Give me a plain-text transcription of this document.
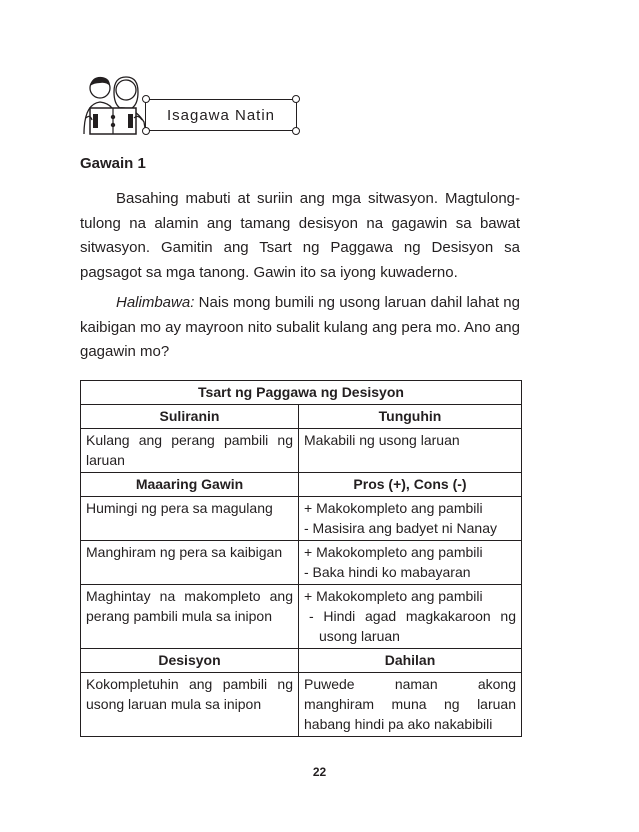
Isagawa Natin
Gawain 1

Basahing mabuti at suriin ang mga sitwasyon. Magtulong-tulong na alamin ang tamang desisyon na gagawin sa bawat sitwasyon. Gamitin ang Tsart ng Paggawa ng Desisyon sa pagsagot sa mga tanong. Gawin ito sa iyong kuwaderno.

Halimbawa: Nais mong bumili ng usong laruan dahil lahat ng kaibigan mo ay mayroon nito subalit kulang ang pera mo. Ano ang gagawin mo?

Tsart ng Paggawa ng Desisyon	
Suliranin	Tunguhin
Kulang ang perang pambili ng laruan	Makabili ng usong laruan
Maaaring Gawin	Pros (+), Cons (-)
Humingi ng pera sa magulang	+ Makokompleto ang pambili
- Masisira ang badyet ni Nanay

Manghiram ng pera sa kaibigan	+ Makokompleto ang pambili
- Baka hindi ko mabayaran

Maghintay na makompleto ang perang pambili mula sa inipon	+ Makokompleto ang pambili
- Hindi agad magkakaroon ng usong laruan

Desisyon	Dahilan
Kokompletuhin ang pambili ng usong laruan mula sa inipon	Puwede naman akong manghiram muna ng laruan habang hindi pa ako nakabibili
22
